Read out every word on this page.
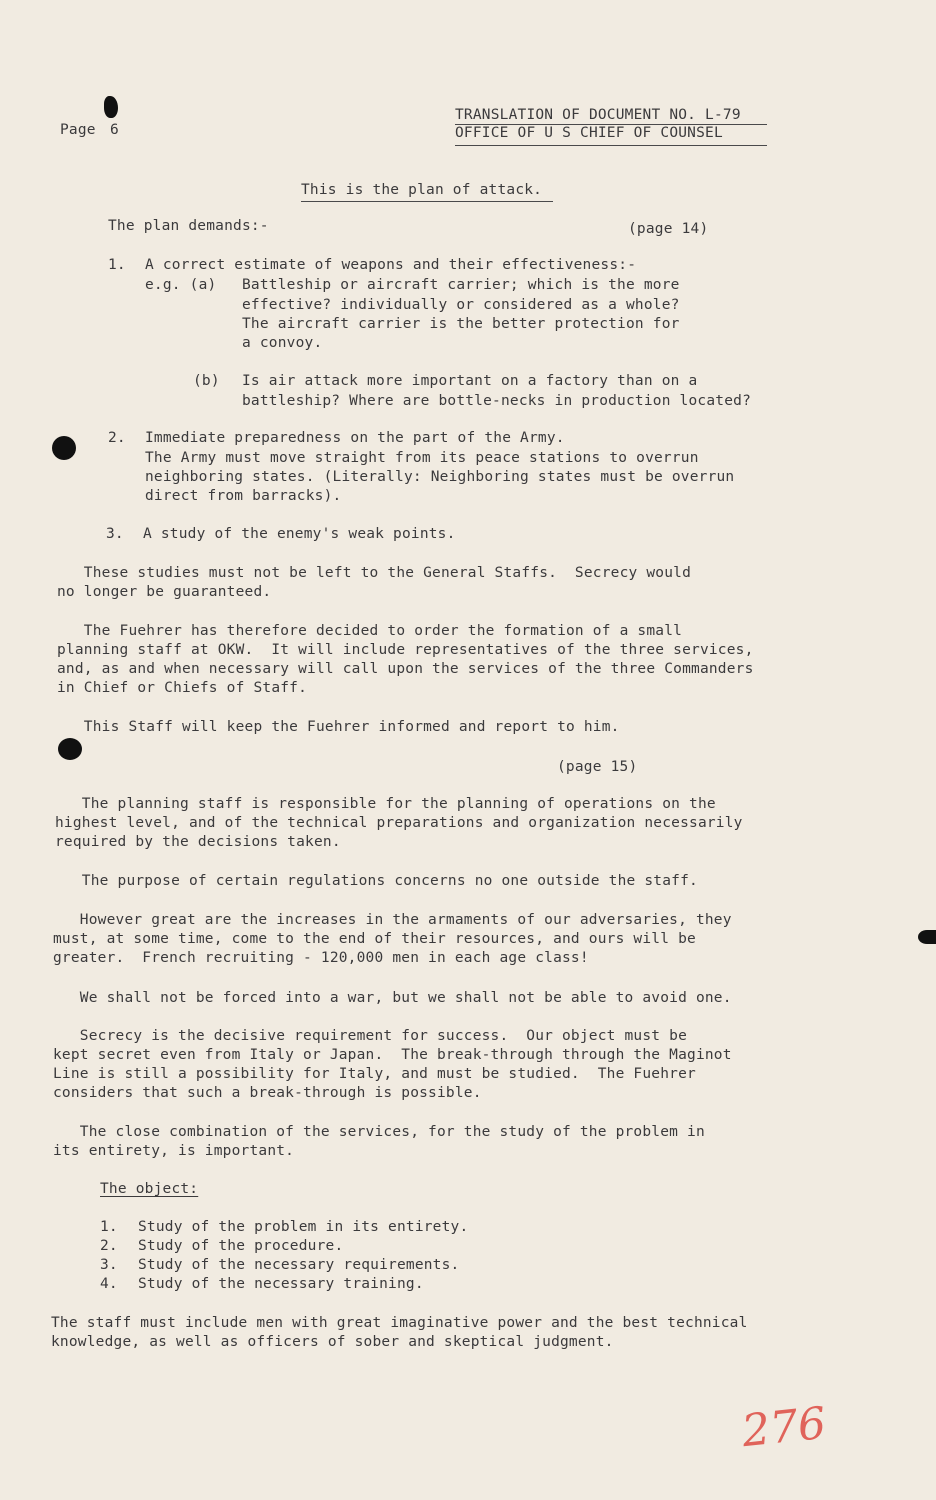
Page 6
TRANSLATION OF DOCUMENT NO. L-79
OFFICE OF U S CHIEF OF COUNSEL
This is the plan of attack.
The plan demands:-	(page 14)
1. A correct estimate of weapons and their effectiveness:-
e.g. (a) Battleship or aircraft carrier; which is the more
effective? individually or considered as a whole?
The aircraft carrier is the better protection for
a convoy.
(b) Is air attack more important on a factory than on a
battleship? Where are bottle-necks in production located?
2. Immediate preparedness on the part of the Army.
The Army must move straight from its peace stations to overrun
neighboring states. (Literally: Neighboring states must be overrun
direct from barracks).
3. A study of the enemy's weak points.
These studies must not be left to the General Staffs.  Secrecy would
no longer be guaranteed.
The Fuehrer has therefore decided to order the formation of a small
planning staff at OKW.  It will include representatives of the three services,
and, as and when necessary will call upon the services of the three Commanders
in Chief or Chiefs of Staff.
This Staff will keep the Fuehrer informed and report to him.
(page 15)
The planning staff is responsible for the planning of operations on the
highest level, and of the technical preparations and organization necessarily
required by the decisions taken.
The purpose of certain regulations concerns no one outside the staff.
However great are the increases in the armaments of our adversaries, they
must, at some time, come to the end of their resources, and ours will be
greater.  French recruiting - 120,000 men in each age class!
We shall not be forced into a war, but we shall not be able to avoid one.
Secrecy is the decisive requirement for success.  Our object must be
kept secret even from Italy or Japan.  The break-through through the Maginot
Line is still a possibility for Italy, and must be studied.  The Fuehrer
considers that such a break-through is possible.
The close combination of the services, for the study of the problem in
its entirety, is important.
The object:
1. Study of the problem in its entirety.
2. Study of the procedure.
3. Study of the necessary requirements.
4. Study of the necessary training.
The staff must include men with great imaginative power and the best technical
knowledge, as well as officers of sober and skeptical judgment.
276
